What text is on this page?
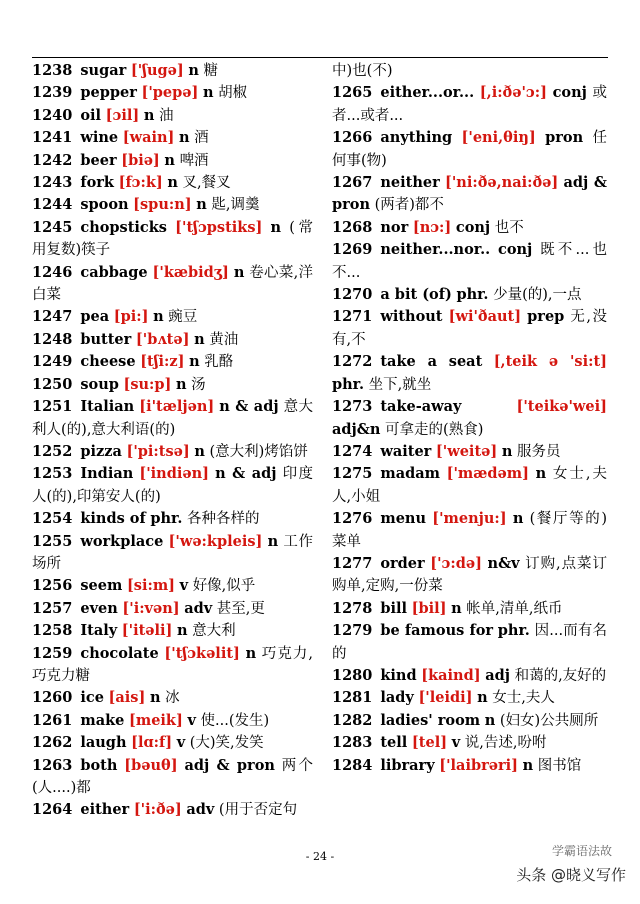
1238 sugar ['ʃugə] n 糖

1239 pepper ['pepə] n 胡椒

1240 oil [ɔil] n 油

1241 wine [wain] n 酒

1242 beer [biə] n 啤酒

1243 fork [fɔ:k] n 叉,餐叉

1244 spoon [spu:n] n 匙,调羹

1245 chopsticks ['tʃɔpstiks] n (常用复数)筷子

1246 cabbage ['kæbidʒ] n 卷心菜,洋白菜

1247 pea [pi:] n 豌豆

1248 butter ['bʌtə] n 黄油

1249 cheese [tʃi:z] n 乳酪

1250 soup [su:p] n 汤

1251 Italian [i'tæljən] n & adj 意大利人(的),意大利语(的)

1252 pizza ['pi:tsə] n (意大利)烤馅饼

1253 Indian ['indiən] n & adj 印度人(的),印第安人(的)

1254 kinds of phr. 各种各样的

1255 workplace ['wə:kpleis] n 工作场所

1256 seem [si:m] v 好像,似乎

1257 even ['i:vən] adv 甚至,更

1258 Italy ['itəli] n 意大利

1259 chocolate ['tʃɔkəlit] n 巧克力,巧克力糖

1260 ice [ais] n 冰

1261 make [meik] v 使...(发生)

1262 laugh [lɑ:f] v (大)笑,发笑

1263 both [bəuθ] adj & pron 两个(人....)都

1264 either ['i:ðə] adv (用于否定句

中)也(不)

1265 either...or... [,i:ðə'ɔ:] conj 或者...或者...

1266 anything ['eni,θiŋ] pron 任何事(物)

1267 neither ['ni:ðə,nai:ðə] adj & pron (两者)都不

1268 nor [nɔ:] conj 也不

1269 neither...nor.. conj 既不...也不...

1270 a bit (of) phr. 少量(的),一点

1271 without [wi'ðaut] prep 无,没有,不

1272 take a seat [,teik ə 'si:t] phr. 坐下,就坐

1273 take-away	['teikə'wei] adj&n 可拿走的(熟食)

1274 waiter ['weitə] n 服务员

1275 madam ['mædəm] n 女士,夫人,小姐

1276 menu ['menju:] n (餐厅等的)菜单

1277 order ['ɔ:də] n&v 订购,点菜订购单,定购,一份菜

1278 bill [bil] n 帐单,清单,纸币

1279 be famous for phr. 因...而有名的

1280 kind [kaind] adj 和蔼的,友好的

1281 lady ['leidi] n 女士,夫人

1282 ladies' room n (妇女)公共厕所

1283 tell [tel] v 说,告述,吩咐

1284 library ['laibrəri] n 图书馆

- 24 -	学霸语法故
头条 @晓义写作
